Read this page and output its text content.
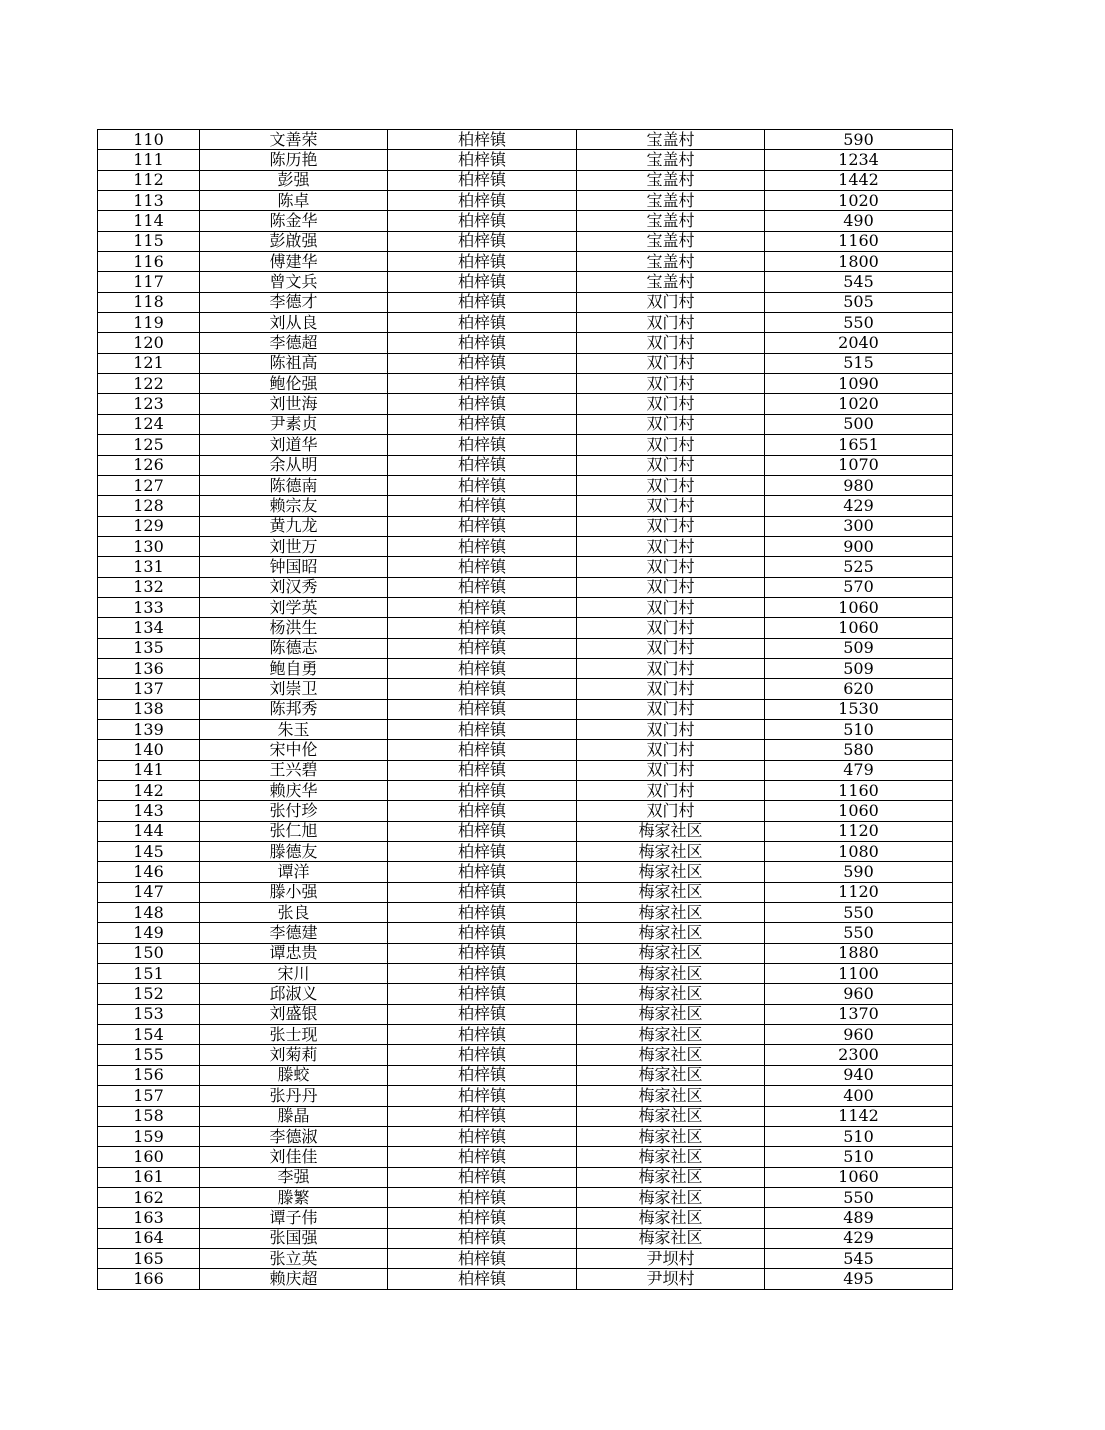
110	文善荣	柏梓镇	宝盖村	590
111	陈历艳	柏梓镇	宝盖村	1234
112	彭强	柏梓镇	宝盖村	1442
113	陈卓	柏梓镇	宝盖村	1020
114	陈金华	柏梓镇	宝盖村	490
115	彭啟强	柏梓镇	宝盖村	1160
116	傅建华	柏梓镇	宝盖村	1800
117	曾文兵	柏梓镇	宝盖村	545
118	李德才	柏梓镇	双门村	505
119	刘从良	柏梓镇	双门村	550
120	李德超	柏梓镇	双门村	2040
121	陈祖高	柏梓镇	双门村	515
122	鲍伦强	柏梓镇	双门村	1090
123	刘世海	柏梓镇	双门村	1020
124	尹素贞	柏梓镇	双门村	500
125	刘道华	柏梓镇	双门村	1651
126	余从明	柏梓镇	双门村	1070
127	陈德南	柏梓镇	双门村	980
128	赖宗友	柏梓镇	双门村	429
129	黄九龙	柏梓镇	双门村	300
130	刘世万	柏梓镇	双门村	900
131	钟国昭	柏梓镇	双门村	525
132	刘汉秀	柏梓镇	双门村	570
133	刘学英	柏梓镇	双门村	1060
134	杨洪生	柏梓镇	双门村	1060
135	陈德志	柏梓镇	双门村	509
136	鲍自勇	柏梓镇	双门村	509
137	刘崇卫	柏梓镇	双门村	620
138	陈邦秀	柏梓镇	双门村	1530
139	朱玉	柏梓镇	双门村	510
140	宋中伦	柏梓镇	双门村	580
141	王兴碧	柏梓镇	双门村	479
142	赖庆华	柏梓镇	双门村	1160
143	张付珍	柏梓镇	双门村	1060
144	张仁旭	柏梓镇	梅家社区	1120
145	滕德友	柏梓镇	梅家社区	1080
146	谭洋	柏梓镇	梅家社区	590
147	滕小强	柏梓镇	梅家社区	1120
148	张良	柏梓镇	梅家社区	550
149	李德建	柏梓镇	梅家社区	550
150	谭忠贵	柏梓镇	梅家社区	1880
151	宋川	柏梓镇	梅家社区	1100
152	邱淑义	柏梓镇	梅家社区	960
153	刘盛银	柏梓镇	梅家社区	1370
154	张士现	柏梓镇	梅家社区	960
155	刘菊莉	柏梓镇	梅家社区	2300
156	滕蛟	柏梓镇	梅家社区	940
157	张丹丹	柏梓镇	梅家社区	400
158	滕晶	柏梓镇	梅家社区	1142
159	李德淑	柏梓镇	梅家社区	510
160	刘佳佳	柏梓镇	梅家社区	510
161	李强	柏梓镇	梅家社区	1060
162	滕繁	柏梓镇	梅家社区	550
163	谭子伟	柏梓镇	梅家社区	489
164	张国强	柏梓镇	梅家社区	429
165	张立英	柏梓镇	尹坝村	545
166	赖庆超	柏梓镇	尹坝村	495
